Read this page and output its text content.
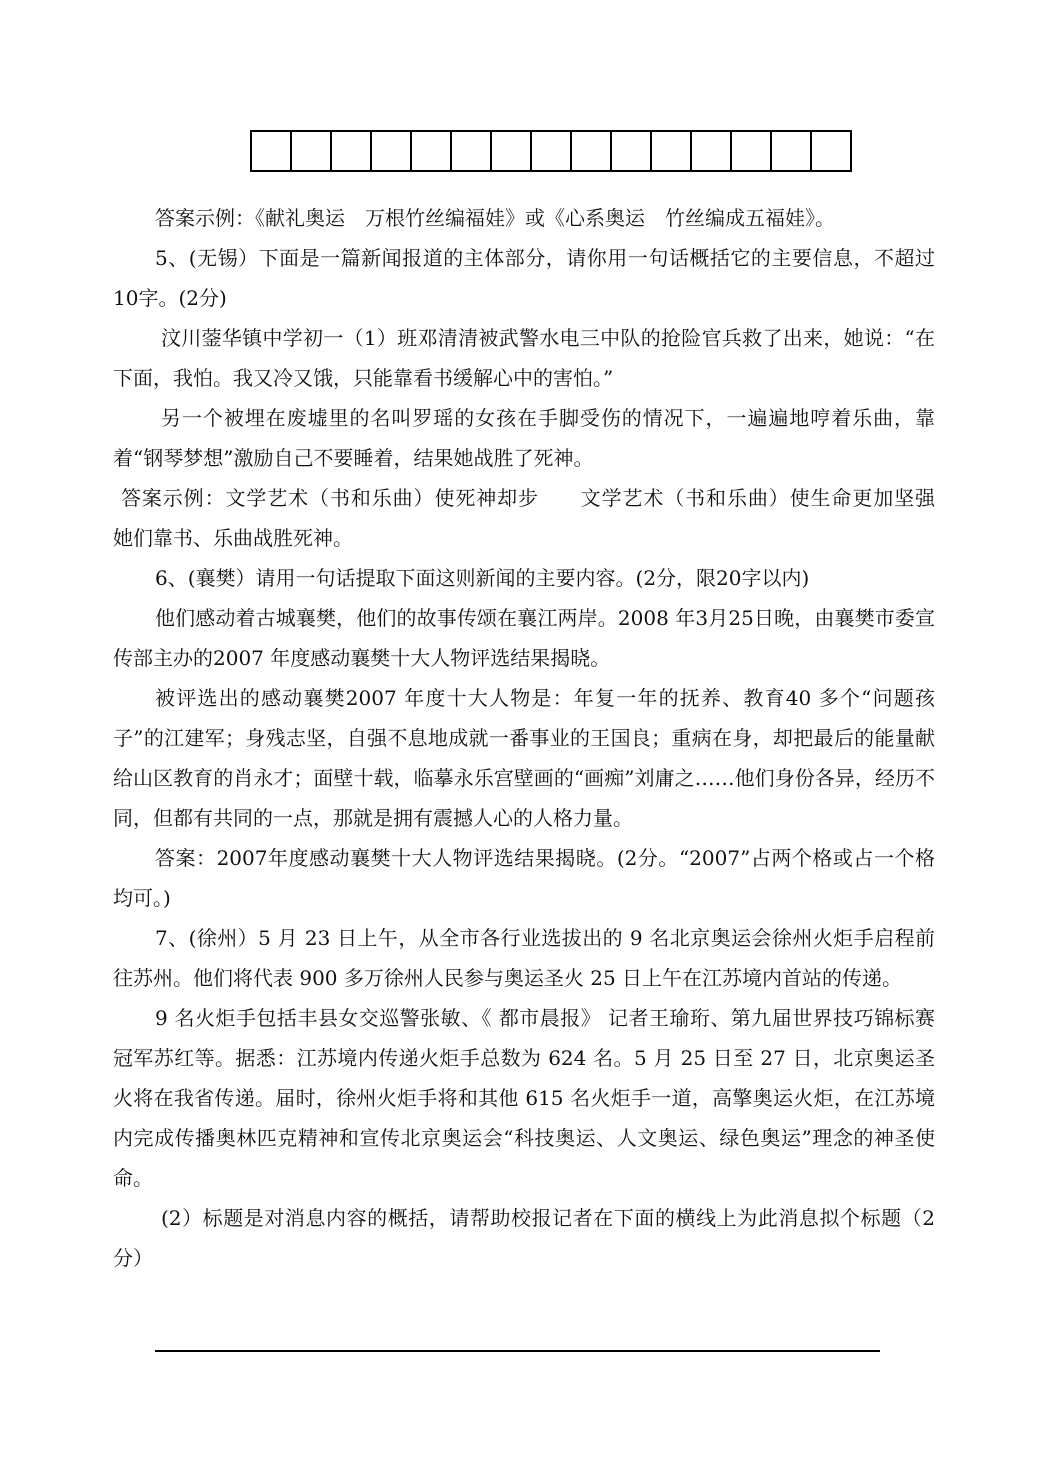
答案示例：《献礼奥运　万根竹丝编福娃》或《心系奥运　竹丝编成五福娃》。

5、(无锡）下面是一篇新闻报道的主体部分，请你用一句话概括它的主要信息，不超过10字。(2分)

汶川蓥华镇中学初一（1）班邓清清被武警水电三中队的抢险官兵救了出来，她说：“在下面，我怕。我又冷又饿，只能靠看书缓解心中的害怕。”

另一个被埋在废墟里的名叫罗瑶的女孩在手脚受伤的情况下，一遍遍地哼着乐曲，靠着“钢琴梦想”激励自己不要睡着，结果她战胜了死神。

答案示例：文学艺术（书和乐曲）使死神却步　　文学艺术（书和乐曲）使生命更加坚强　她们靠书、乐曲战胜死神。

6、(襄樊）请用一句话提取下面这则新闻的主要内容。(2分，限20字以内)

他们感动着古城襄樊，他们的故事传颂在襄江两岸。2008 年3月25日晚，由襄樊市委宣传部主办的2007 年度感动襄樊十大人物评选结果揭晓。

被评选出的感动襄樊2007 年度十大人物是：年复一年的抚养、教育40 多个“问题孩子”的江建军；身残志坚，自强不息地成就一番事业的王国良；重病在身，却把最后的能量献给山区教育的肖永才；面壁十载，临摹永乐宫壁画的“画痴”刘庸之……他们身份各异，经历不同，但都有共同的一点，那就是拥有震撼人心的人格力量。

答案：2007年度感动襄樊十大人物评选结果揭晓。(2分。“2007”占两个格或占一个格均可。)

7、(徐州）5 月 23 日上午，从全市各行业选拔出的 9 名北京奥运会徐州火炬手启程前往苏州。他们将代表 900 多万徐州人民参与奥运圣火 25 日上午在江苏境内首站的传递。

9 名火炬手包括丰县女交巡警张敏、《 都市晨报》 记者王瑜珩、第九届世界技巧锦标赛冠军苏红等。据悉：江苏境内传递火炬手总数为 624 名。5 月 25 日至 27 日，北京奥运圣火将在我省传递。届时，徐州火炬手将和其他 615 名火炬手一道，高擎奥运火炬，在江苏境内完成传播奥林匹克精神和宣传北京奥运会“科技奥运、人文奥运、绿色奥运”理念的神圣使命。

(2）标题是对消息内容的概括，请帮助校报记者在下面的横线上为此消息拟个标题（2 分）
